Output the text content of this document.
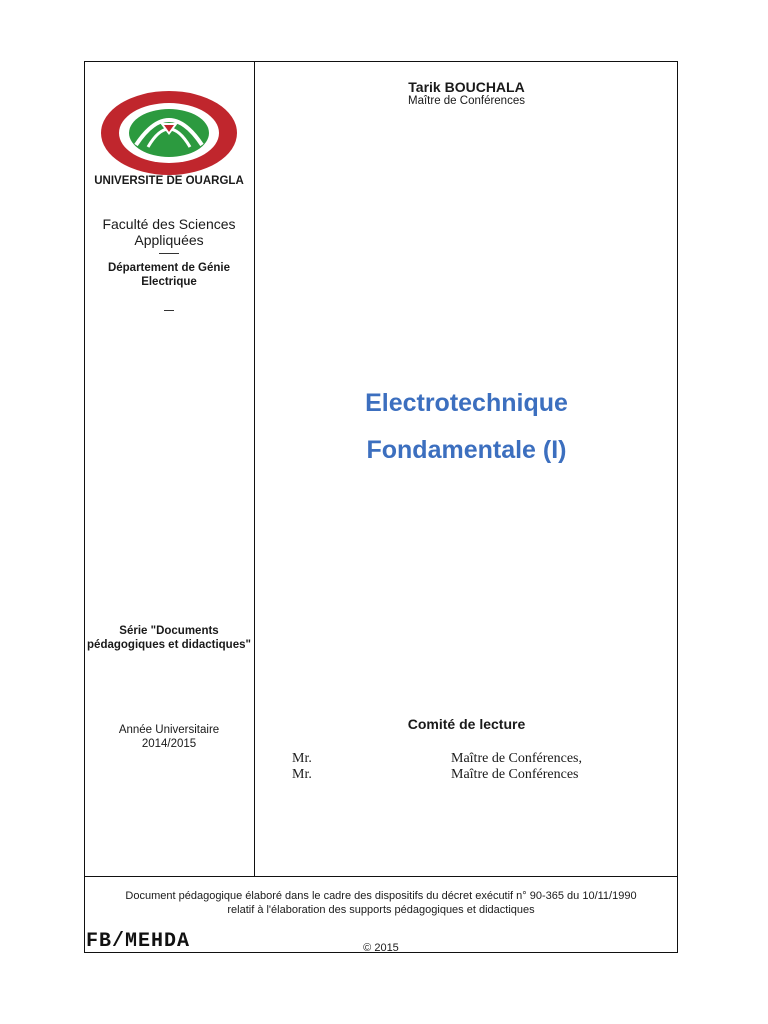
UNIVERSITE DE OUARGLA
Faculté des Sciences Appliquées
Département de Génie Electrique
Série "Documents pédagogiques et didactiques"
Année Universitaire
2014/2015
Tarik BOUCHALA
Maître de Conférences
Electrotechnique
Fondamentale (I)
Comité de lecture
Mr.	Maître de Conférences,
Mr.	Maître de Conférences
Document pédagogique élaboré dans le cadre des dispositifs du décret exécutif n° 90-365 du 10/11/1990
relatif à l'élaboration des supports pédagogiques et didactiques
© 2015
FB/MEHDA
